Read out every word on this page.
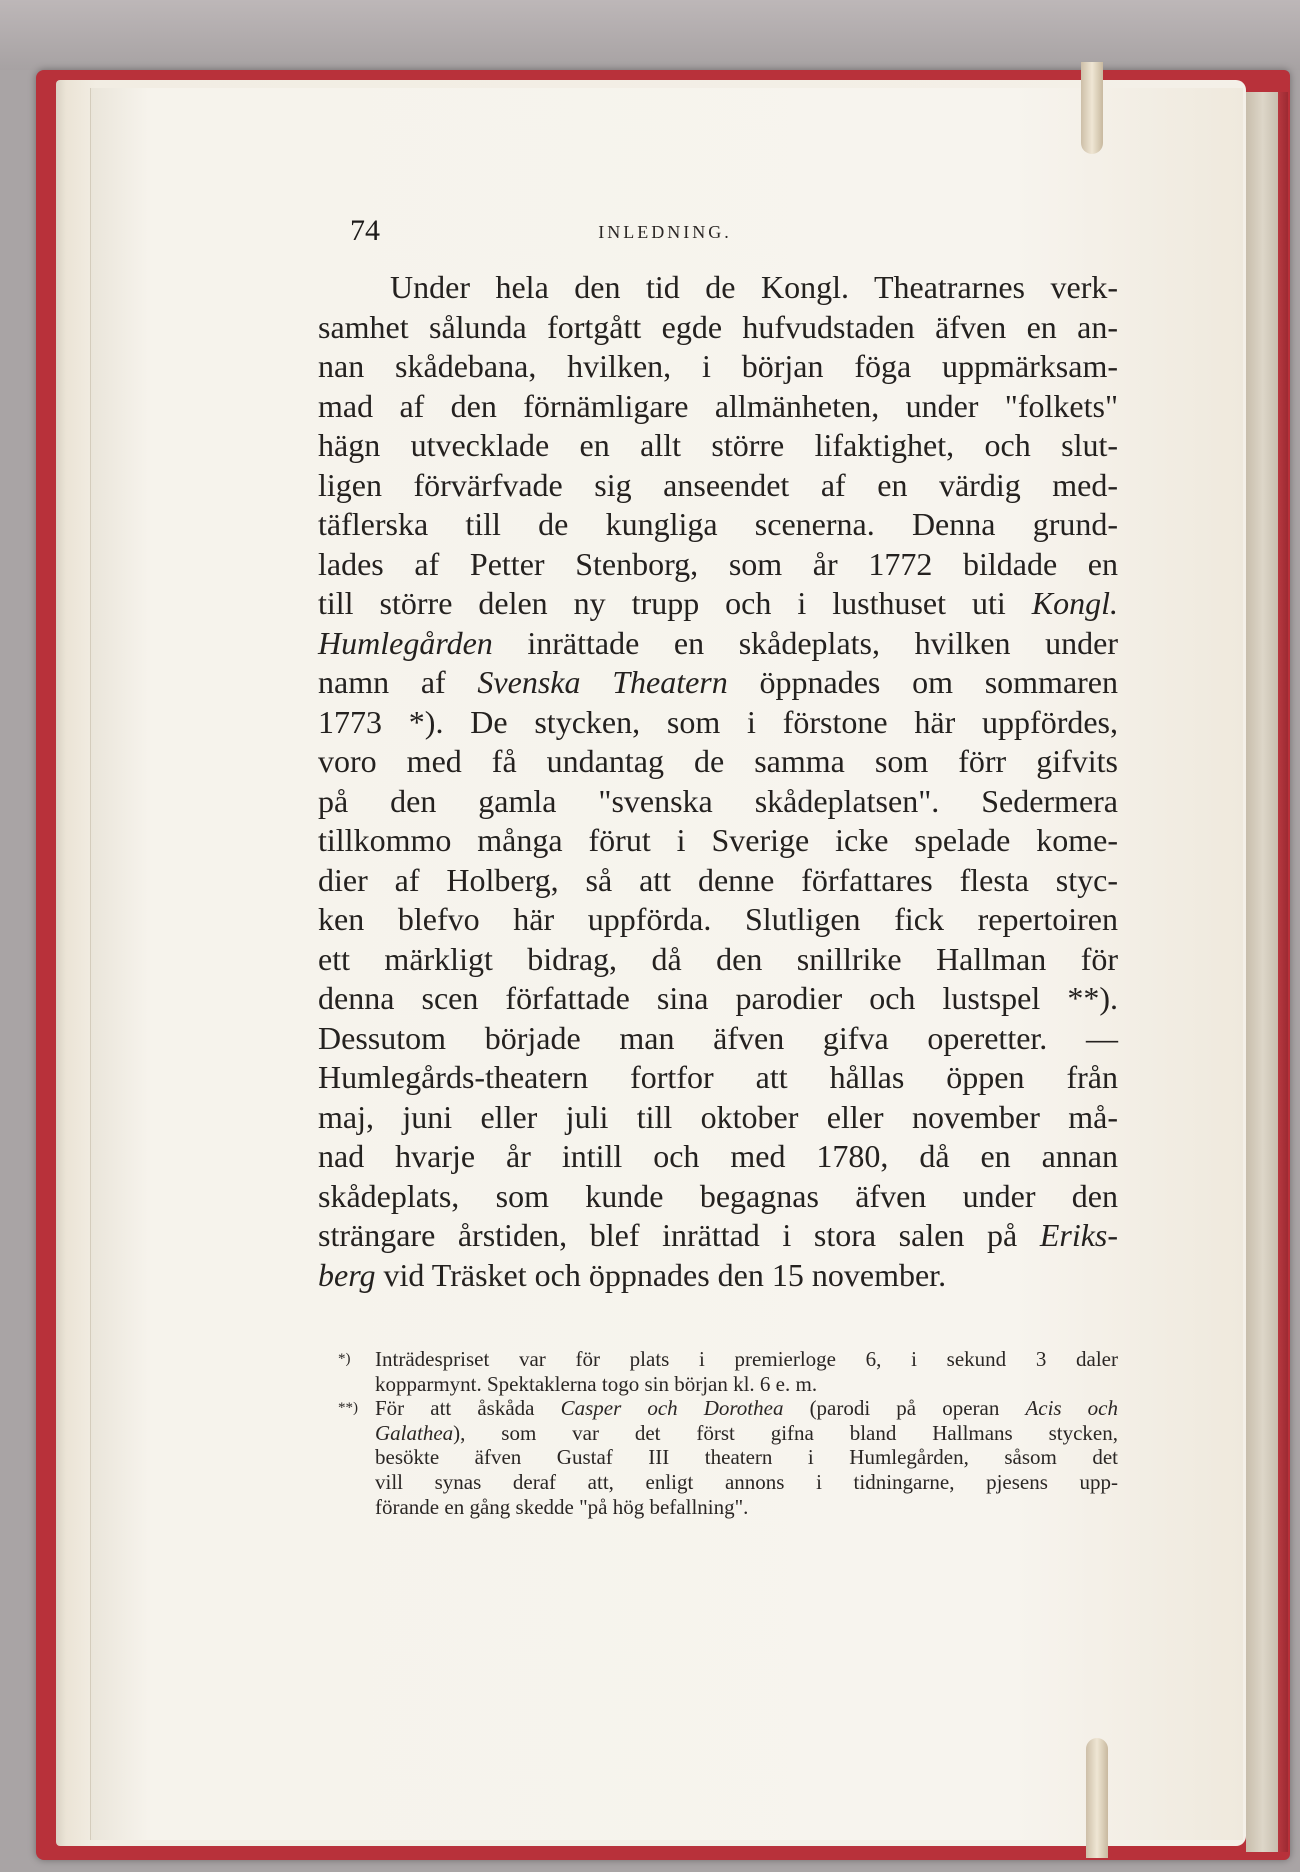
74	INLEDNING.
Under hela den tid de Kongl. Theatrarnes verk-
samhet sålunda fortgått egde hufvudstaden äfven en an-
nan skådebana, hvilken, i början föga uppmärksam-
mad af den förnämligare allmänheten, under "folkets"
hägn utvecklade en allt större lifaktighet, och slut-
ligen förvärfvade sig anseendet af en värdig med-
täflerska till de kungliga scenerna. Denna grund-
lades af Petter Stenborg, som år 1772 bildade en
till större delen ny trupp och i lusthuset uti Kongl.
Humlegården inrättade en skådeplats, hvilken under
namn af Svenska Theatern öppnades om sommaren
1773 *). De stycken, som i förstone här uppfördes,
voro med få undantag de samma som förr gifvits
på den gamla "svenska skådeplatsen". Sedermera
tillkommo många förut i Sverige icke spelade kome-
dier af Holberg, så att denne författares flesta styc-
ken blefvo här uppförda. Slutligen fick repertoiren
ett märkligt bidrag, då den snillrike Hallman för
denna scen författade sina parodier och lustspel **).
Dessutom började man äfven gifva operetter. —
Humlegårds-theatern fortfor att hållas öppen från
maj, juni eller juli till oktober eller november må-
nad hvarje år intill och med 1780, då en annan
skådeplats, som kunde begagnas äfven under den
strängare årstiden, blef inrättad i stora salen på Eriks-
berg vid Träsket och öppnades den 15 november.
*) Inträdespriset var för plats i premierloge 6, i sekund 3 daler
kopparmynt. Spektaklerna togo sin början kl. 6 e. m.
**) För att åskåda Casper och Dorothea (parodi på operan Acis och
Galathea), som var det först gifna bland Hallmans stycken,
besökte äfven Gustaf III theatern i Humlegården, såsom det
vill synas deraf att, enligt annons i tidningarne, pjesens upp-
förande en gång skedde "på hög befallning".
